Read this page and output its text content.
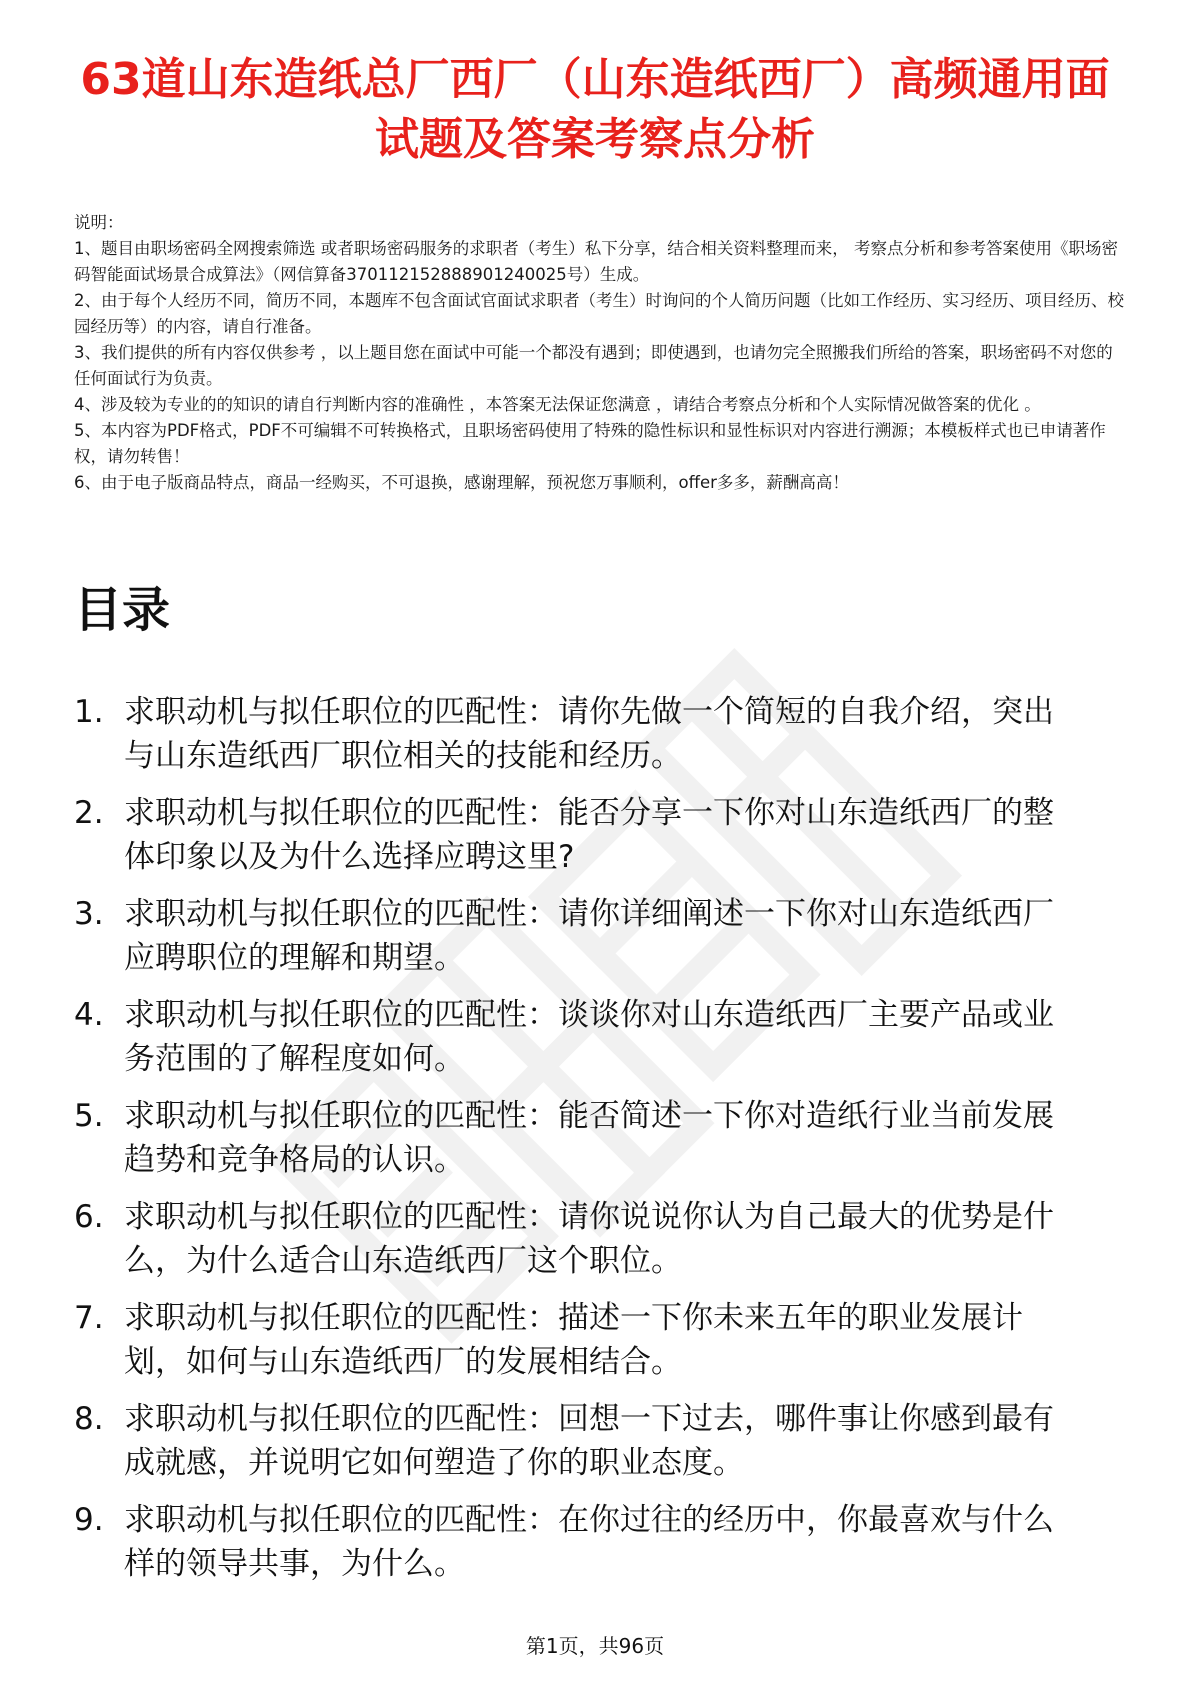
63道山东造纸总厂西厂（山东造纸西厂）高频通用面试题及答案考察点分析

说明：

1、题目由职场密码全网搜索筛选 或者职场密码服务的求职者（考生）私下分享，结合相关资料整理而来， 考察点分析和参考答案使用《职场密码智能面试场景合成算法》（网信算备370112152888901240025号）生成。

2、由于每个人经历不同，简历不同，本题库不包含面试官面试求职者（考生）时询问的个人简历问题（比如工作经历、实习经历、项目经历、校园经历等）的内容，请自行准备。

3、我们提供的所有内容仅供参考 ，以上题目您在面试中可能一个都没有遇到；即使遇到，也请勿完全照搬我们所给的答案，职场密码不对您的任何面试行为负责。

4、涉及较为专业的的知识的请自行判断内容的准确性 ，本答案无法保证您满意 ，请结合考察点分析和个人实际情况做答案的优化 。

5、本内容为PDF格式，PDF不可编辑不可转换格式，且职场密码使用了特殊的隐性标识和显性标识对内容进行溯源；本模板样式也已申请著作权，请勿转售！

6、由于电子版商品特点，商品一经购买，不可退换，感谢理解，预祝您万事顺利，offer多多，薪酬高高！

目录
1. 求职动机与拟任职位的匹配性：请你先做一个简短的自我介绍，突出与山东造纸西厂职位相关的技能和经历。
2. 求职动机与拟任职位的匹配性：能否分享一下你对山东造纸西厂的整体印象以及为什么选择应聘这里?
3. 求职动机与拟任职位的匹配性：请你详细阐述一下你对山东造纸西厂应聘职位的理解和期望。
4. 求职动机与拟任职位的匹配性：谈谈你对山东造纸西厂主要产品或业务范围的了解程度如何。
5. 求职动机与拟任职位的匹配性：能否简述一下你对造纸行业当前发展趋势和竞争格局的认识。
6. 求职动机与拟任职位的匹配性：请你说说你认为自己最大的优势是什么，为什么适合山东造纸西厂这个职位。
7. 求职动机与拟任职位的匹配性：描述一下你未来五年的职业发展计划，如何与山东造纸西厂的发展相结合。
8. 求职动机与拟任职位的匹配性：回想一下过去，哪件事让你感到最有成就感，并说明它如何塑造了你的职业态度。
9. 求职动机与拟任职位的匹配性：在你过往的经历中，你最喜欢与什么样的领导共事，为什么。
第1页，共96页
